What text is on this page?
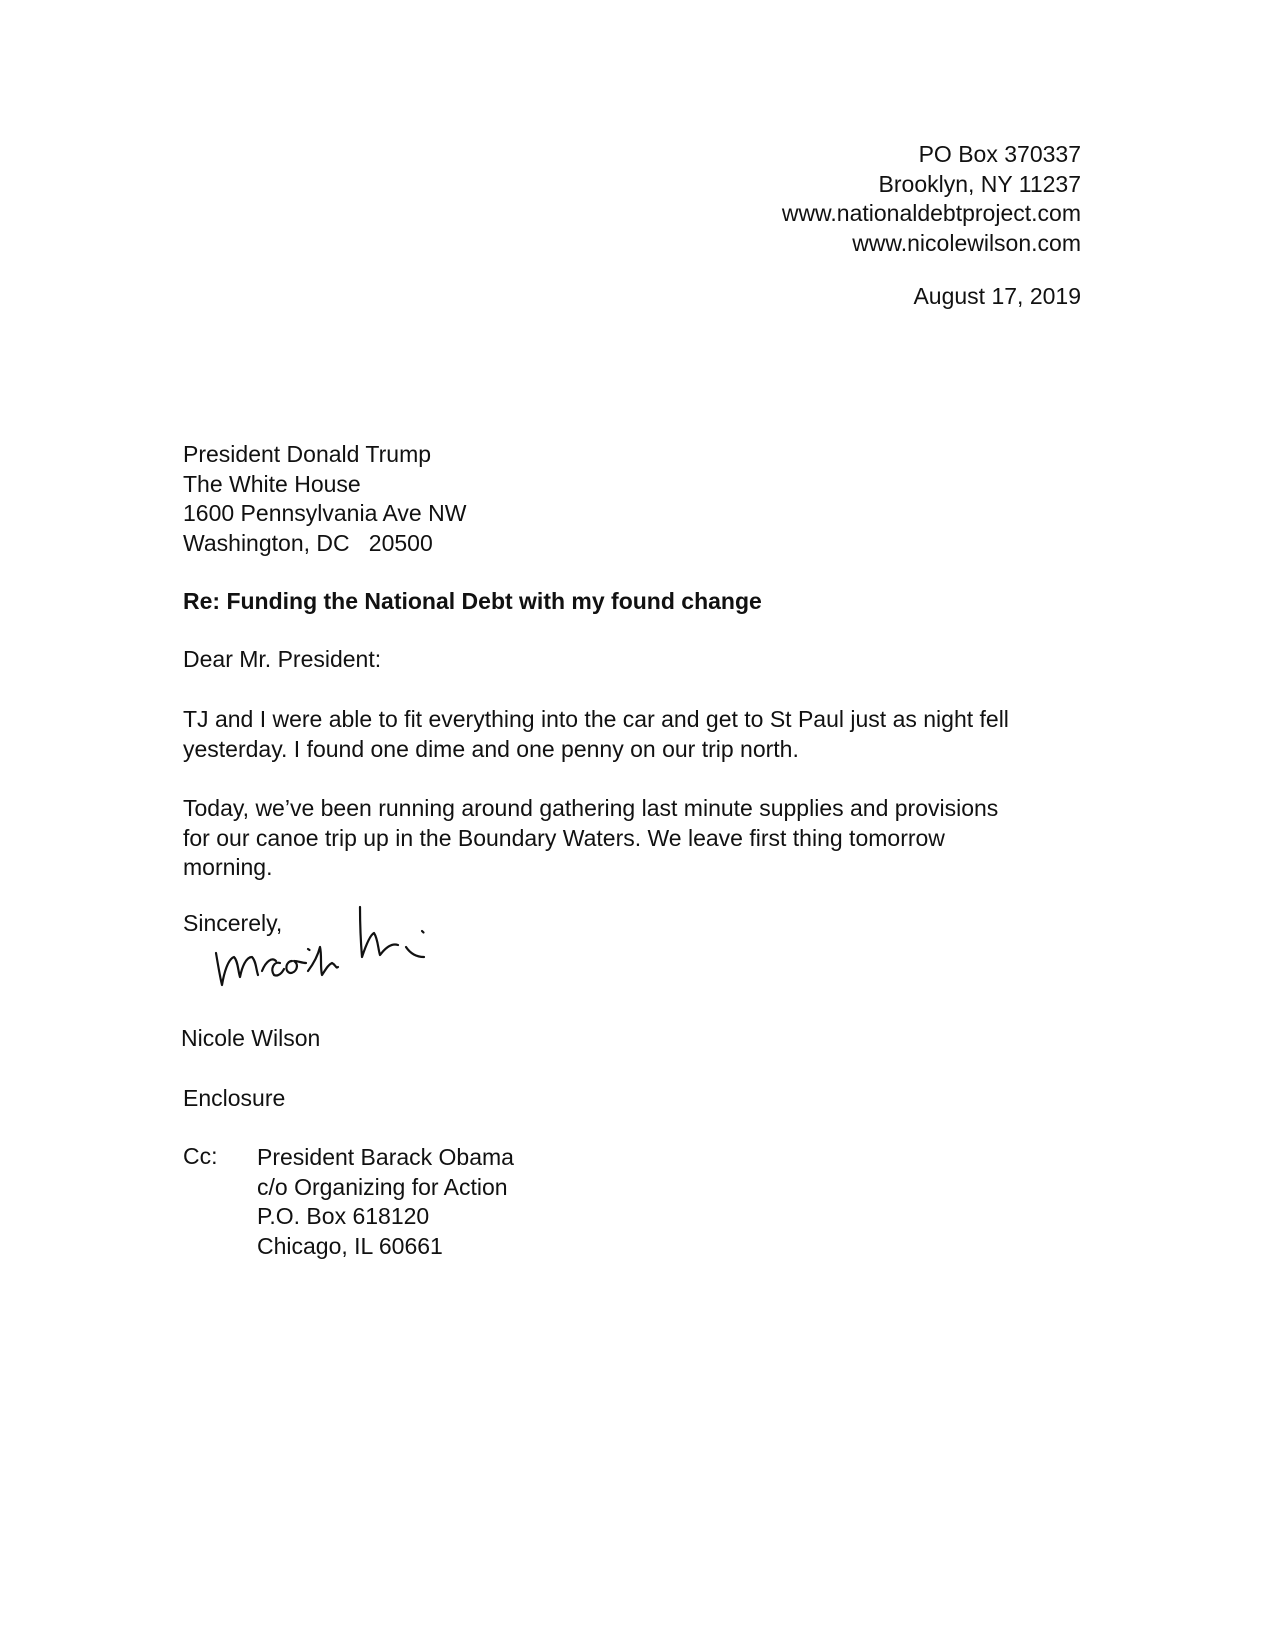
PO Box 370337
Brooklyn, NY 11237
www.nationaldebtproject.com
www.nicolewilson.com
August 17, 2019
President Donald Trump
The White House
1600 Pennsylvania Ave NW
Washington, DC   20500
Re: Funding the National Debt with my found change
Dear Mr. President:
TJ and I were able to fit everything into the car and get to St Paul just as night fell
yesterday. I found one dime and one penny on our trip north.
Today, we’ve been running around gathering last minute supplies and provisions
for our canoe trip up in the Boundary Waters. We leave first thing tomorrow
morning.
Sincerely,
Nicole Wilson
Enclosure
Cc: President Barack Obama
c/o Organizing for Action
P.O. Box 618120
Chicago, IL 60661
